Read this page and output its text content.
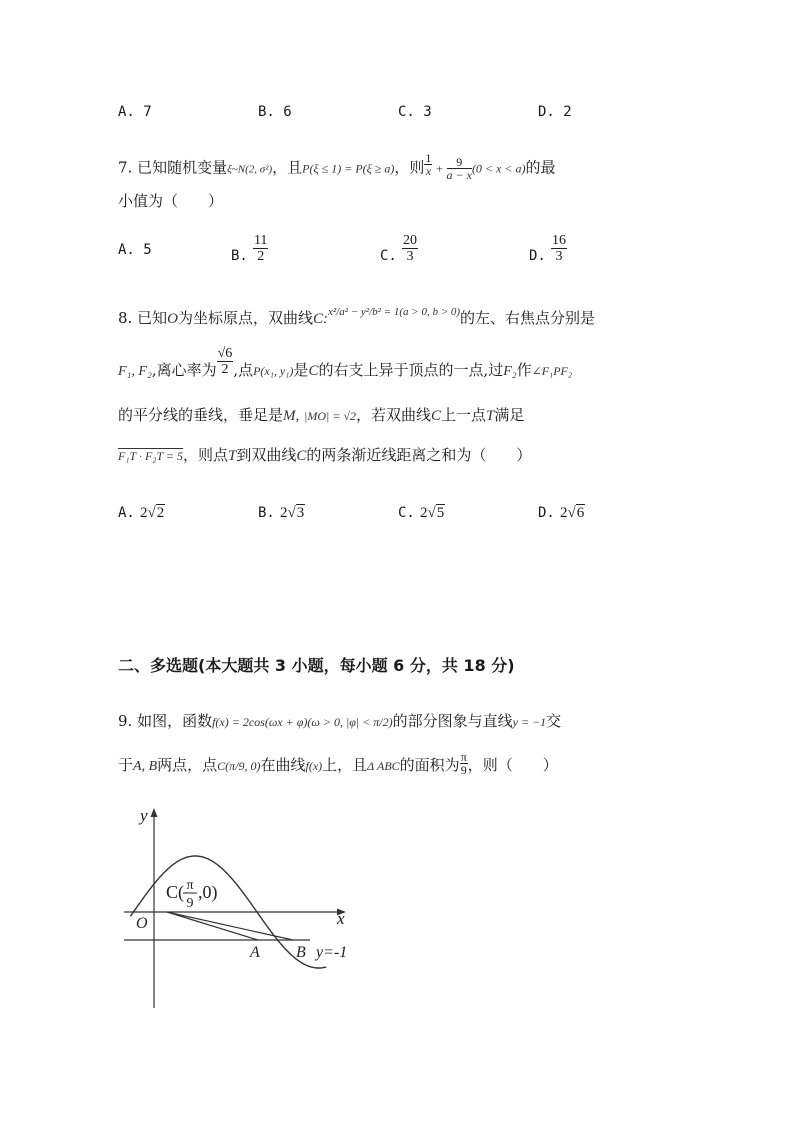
A. 7	B. 6	C. 3	D. 2
7. 已知随机变量ξ~N(2, σ²)，且P(ξ ≤ 1) = P(ξ ≥ a)，则 $\frac{1}{x} + \frac{9}{a - x} (0 < x < a)$的最
小值为（　　）
A. 5	B. $\frac{11}{2}$	C. $\frac{20}{3}$	D. $\frac{16}{3}$
8. 已知O为坐标原点，双曲线C:$^{x^2/a^2 - y^2/b^2 = 1(a > 0, b > 0)}$的左、右焦点分别是
F₁, F₂,离心率为 $\frac{√6}{2}$ ,点P(x₁, y₁)是C的右支上异于顶点的一点,过F₂作∠F₁PF₂
的平分线的垂线，垂足是M, |MO| = √2，若双曲线C上一点T满足
F₁T · F₂T = 5，则点T到双曲线C的两条渐近线距离之和为（　　）
A. 2√2	B. 2√3	C. 2√5	D. 2√6
二、多选题(本大题共 3 小题，每小题 6 分，共 18 分)
9. 如图，函数f(x) = 2cos(ωx + φ)(ω > 0, |φ| < π/2)的部分图象与直线y = −1交
于A, B两点，点C(π/9, 0)在曲线f(x)上，且Δ ABC的面积为 $\frac{\pi}{9}$ ，则（　　）
y
x
O
C( π
9
,0)
A B y=-1
